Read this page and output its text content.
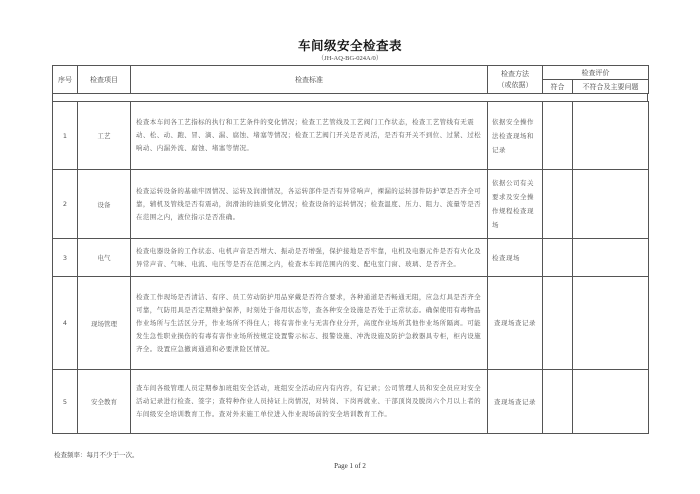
车间级安全检查表
（JH-AQ-BG-024A/0）
序号	检查项目	检查标准	检查方法
（或依据）	检查评价	
				符合	不符合及主要问题
1	工艺	检查本车间各工艺指标的执行和工艺条件的变化情况；检查工艺管线及工艺阀门工作状态，检查工艺管线有无震动、松、动、跑、冒、滴、漏、腐蚀、堵塞等情况；检查工艺阀门开关是否灵活，是否有开关不到位、过紧、过松响动、内漏外流、腐蚀、堵塞等情况。	依据安全操作法检查现场和记录		
2	设备	检查运转设备的基础牢固情况、运转及润滑情况，各运转部件是否有异常响声，裸漏的运转部件防护罩是否齐全可靠，辅机及管线是否有震动，润滑油的油质变化情况；检查设备的运转情况；检查温度、压力、阻力、流量等是否在范围之内，液位指示是否准确。	依据公司有关要求及安全操作规程检查现场		
3	电气	检查电器设备的工作状态、电机声音是否增大、振动是否增强，保护接地是否牢靠，电机及电器元件是否有火化及异常声音、气味、电流、电压等是否在范围之内，检查本车间范围内的变、配电室门窗、玻璃、是否齐全。	检查现场		
4	现场管理	检查工作现场是否清洁、有序、员工劳动防护用品穿戴是否符合要求，各种通道是否畅通无阻，应急灯具是否齐全可靠，气防用具是否定期维护保养，时刻处于备用状态等，查各种安全设施是否处于正常状态。确保使用有毒物品作业场所与生活区分开，作业场所不得住人；将有害作业与无害作业分开，高度作业场所其他作业场所隔离。可能发生急性职业损伤的有毒有害作业场所按规定设置警示标志、报警设施、冲洗设施及防护急救器具专柜，柜内设施齐全。设置应急撤离通道和必要泄险区情况。	查现场查记录		
5	安全教育	查车间各级管理人员定期参加班组安全活动，班组安全活动应内有内容，有记录；公司管理人员和安全员应对安全活动记录进行检查、签字；查特种作业人员持证上岗情况，对转岗、下岗再就业、干部顶岗及脱岗六个月以上者的车间级安全培训教育工作。查对外来施工单位进入作业现场前的安全培训教育工作。	查现场查记录		
检查频率：每月不少于一次。
Page 1 of 2
